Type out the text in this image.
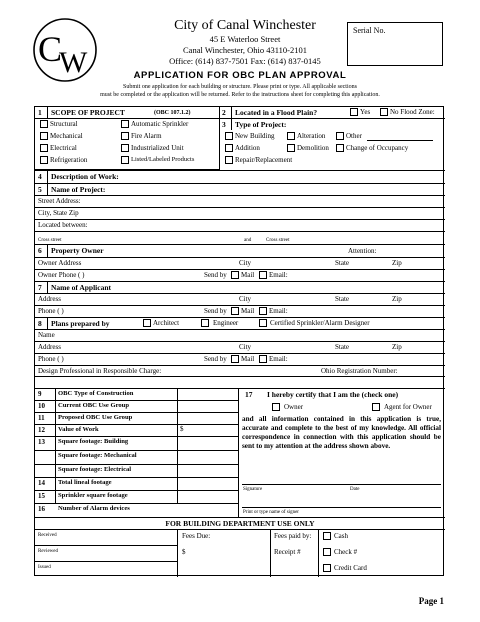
C
W
City of Canal Winchester
45 E Waterloo Street
Canal Winchester, Ohio 43110-2101
Office: (614) 837-7501 Fax: (614) 837-0145
Serial No.
APPLICATION FOR OBC PLAN APPROVAL
Submit one application for each building or structure. Please print or type. All applicable sections
must be completed or the application will be returned. Refer to the instructions sheet for completing this application.
1 SCOPE OF PROJECT	(OBC 107.1.2)
Structural	Automatic Sprinkler
Mechanical	Fire Alarm
Electrical	Industrialized Unit
Refrigeration	Listed/Labeled Products
2 Located in a Flood Plain?	Yes	No Flood Zone:
3 Type of Project:
New Building	Alteration	Other
Addition	Demolition Change of Occupancy
Repair/Replacement
4 Description of Work:
5 Name of Project:
Street Address:
City, State Zip
Located between:
Cross street	and	Cross street
6 Property Owner	Attention:
Owner Address	City	State	Zip
Owner Phone ( )	Send by Mail Email:
7 Name of Applicant
Address	City	State	Zip
Phone ( )	Send by Mail Email:
8 Plans prepared by	Architect	Engineer	Certified Sprinkler/Alarm Designer
Name
Address	City	State	Zip
Phone ( )	Send by Mail Email:
Design Professional in Responsible Charge:	Ohio Registration Number:
9	OBC Type of Construction
10 Current OBC Use Group
11 Proposed OBC Use Group
12 Value of Work	$
13 Square footage: Building
Square footage: Mechanical
Square footage: Electrical
14 Total lineal footage
15 Sprinkler square footage
16 Number of Alarm devices
17 I hereby certify that I am the (check one)
Owner	Agent for Owner
and all information contained in this application is true, accurate and complete to the best of my knowledge. All official correspondence in connection with this application should be sent to my attention at the address shown above.
Signature	Date
Print or type name of signer
FOR BUILDING DEPARTMENT USE ONLY
Received
Reviewed
Issued
Fees Due:
$
Fees paid by:
Receipt #
Cash
Check #
Credit Card
Page 1
